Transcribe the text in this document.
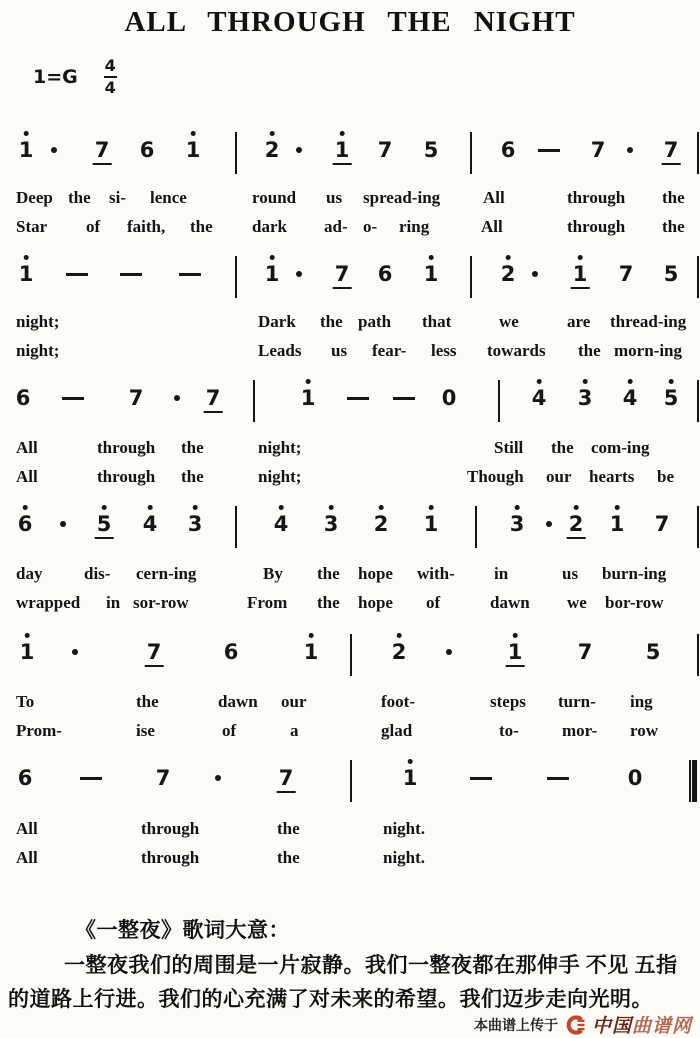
ALL THROUGH THE NIGHT
$1=G \frac{4}{4}$
1	7 6 1	2	1 7 5	6	7	7
Deep the si- lence	round us spread-ing	All	through the
Star of faith, the dark ad- o- ring	All	through the
1	1	7 6 1	2	1 7 5
night;	Dark the path that	we	are thread-ing
night;	Leads us fear- less towards the morn-ing
6	7	7	1	0	4 3 4 5
All	through the	night;	Still the com-ing
All	through the	night;	Though our hearts be
6	5 4 3	4 3 2 1	3 2 1 7
day dis- cern-ing	By the hope with- in	us burn-ing
wrapped in sor-row	From the hope of	dawn we bor-row
1	7	6	1	2	1	7	5
To	the	dawn our	foot-	steps turn- ing
Prom-	ise	of	a	glad	to-	mor- row
6	7	7	1	0
All	through	the	night.
All	through	the	night.
《一整夜》歌词大意：
一整夜我们的周围是一片寂静。我们一整夜都在那伸手 不见 五指
的道路上行进。我们的心充满了对未来的希望。我们迈步走向光明。
本曲谱上传于 中国曲谱网
